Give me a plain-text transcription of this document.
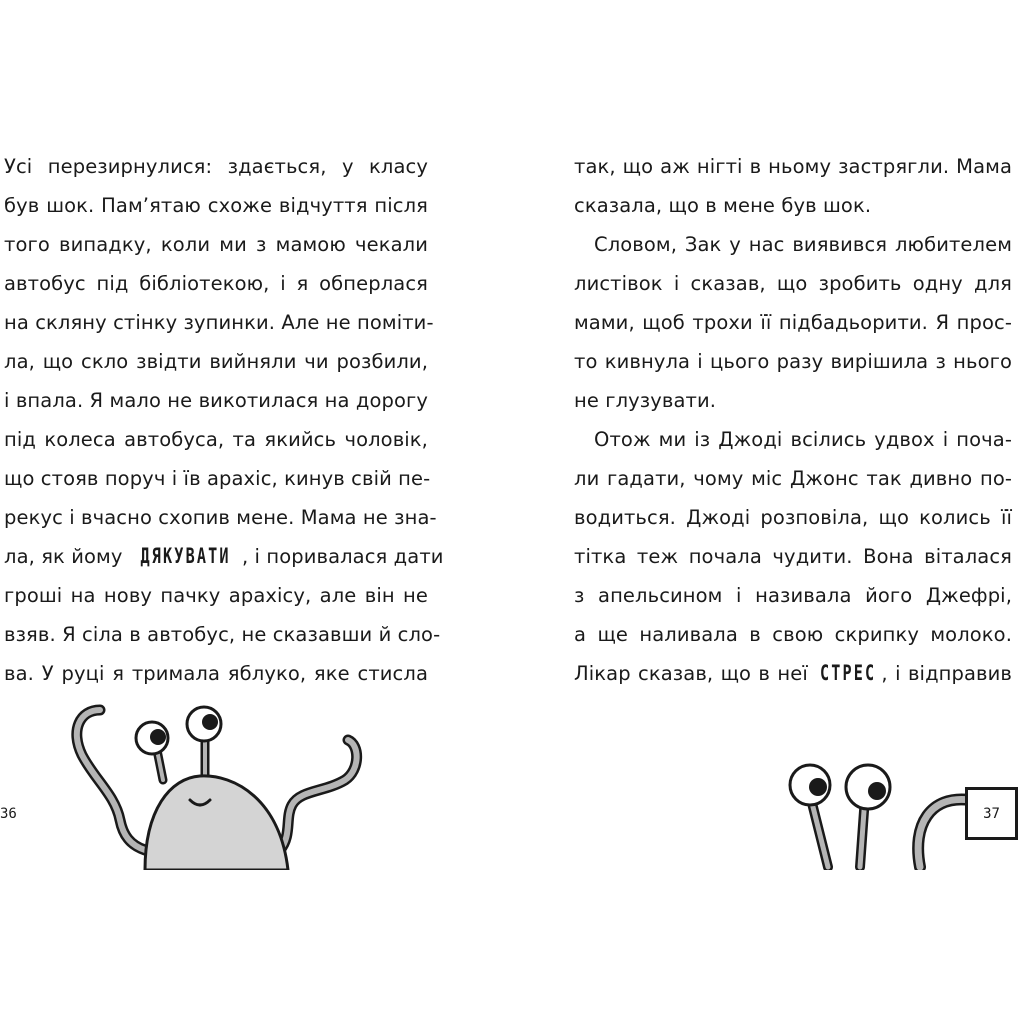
Усі перезирнулися: здається, у класу
був шок. Пам’ятаю схоже відчуття після
того випадку, коли ми з мамою чекали
автобус під бібліотекою, і я обперлася
на скляну стінку зупинки. Але не поміти-
ла, що скло звідти вийняли чи розбили,
і впала. Я мало не викотилася на дорогу
під колеса автобуса, та якийсь чоловік,
що стояв поруч і їв арахіс, кинув свій пе-
рекус і вчасно схопив мене. Мама не зна-
ла, як йому ДЯКУВАТИ , і поривалася дати
гроші на нову пачку арахісу, але він не
взяв. Я сіла в автобус, не сказавши й сло-
ва. У руці я тримала яблуко, яке стисла
36
так, що аж нігті в ньому застрягли. Мама
сказала, що в мене був шок.
Словом, Зак у нас виявився любителем
листівок і сказав, що зробить одну для
мами, щоб трохи її підбадьорити. Я прос-
то кивнула і цього разу вирішила з нього
не глузувати.
Отож ми із Джоді всілись удвох і поча-
ли гадати, чому міс Джонс так дивно по-
водиться. Джоді розповіла, що колись її
тітка теж почала чудити. Вона віталася
з апельсином і називала його Джефрі,
а ще наливала в свою скрипку молоко.
Лікар сказав, що в неї СТРЕС , і відправив
37
